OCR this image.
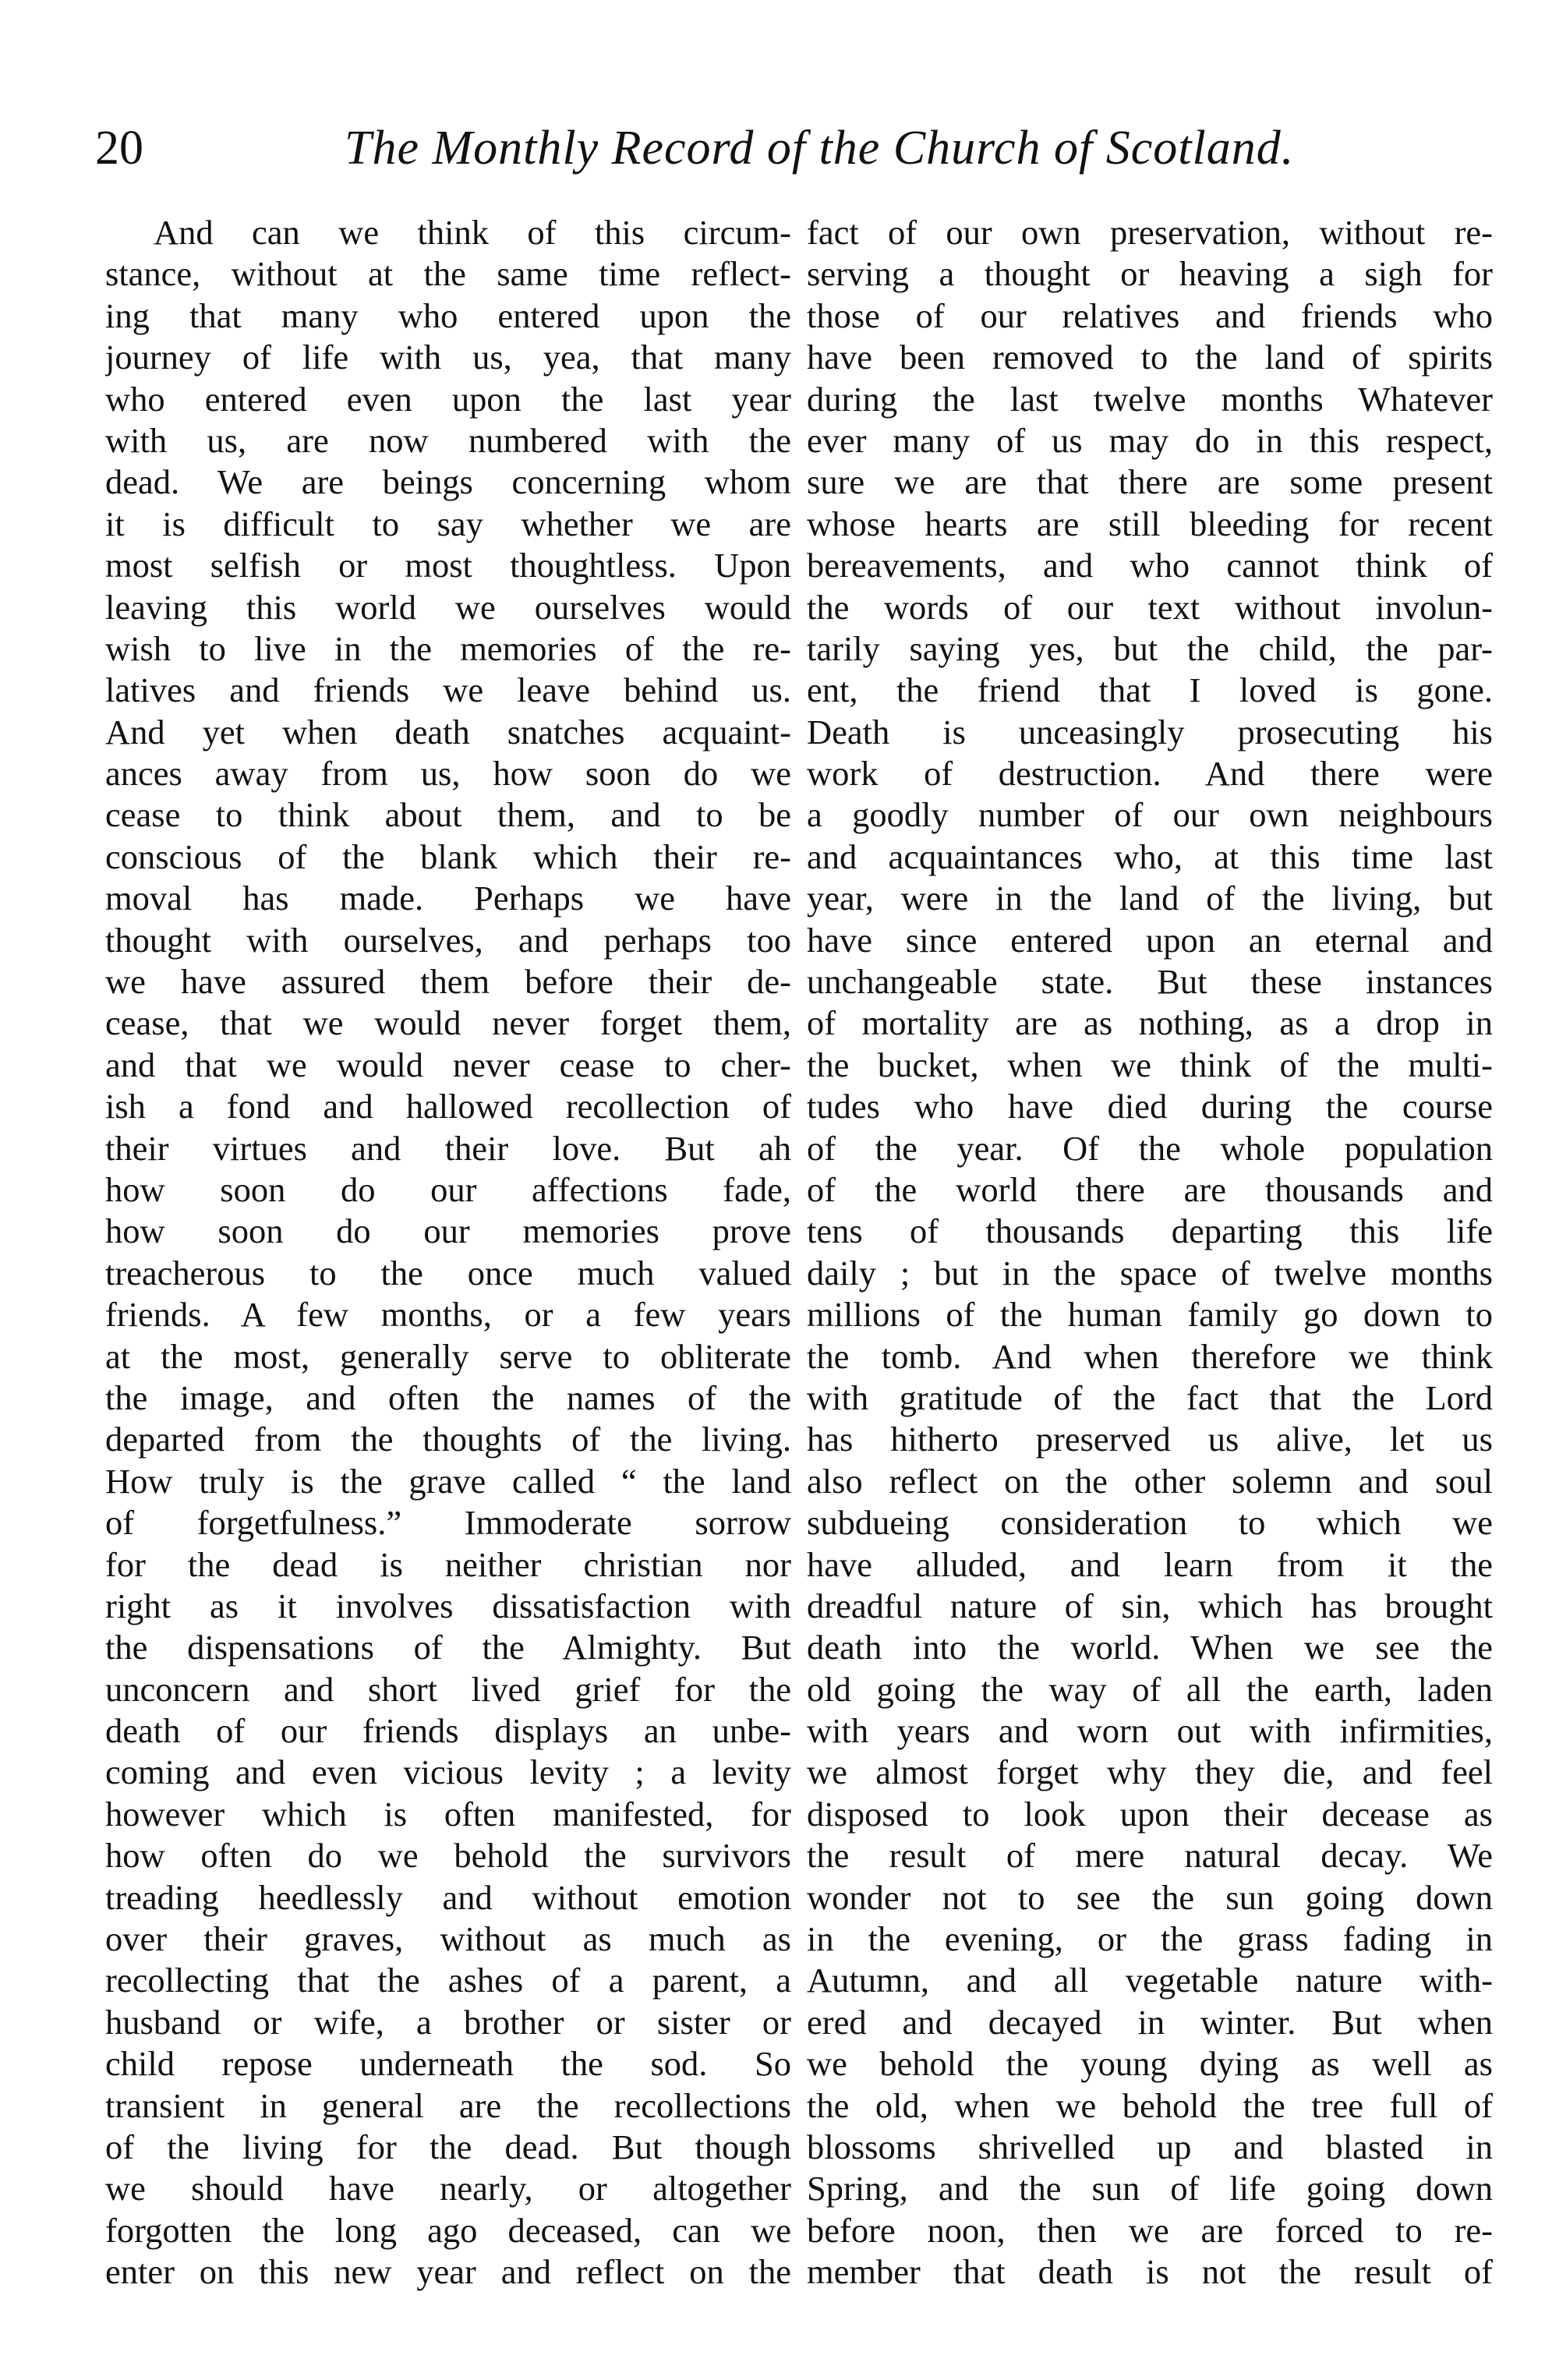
20	The Monthly Record of the Church of Scotland.
And can we think of this circum-
stance, without at the same time reflect-
ing that many who entered upon the
journey of life with us, yea, that many
who entered even upon the last year
with us, are now numbered with the
dead. We are beings concerning whom
it is difficult to say whether we are
most selfish or most thoughtless. Upon
leaving this world we ourselves would
wish to live in the memories of the re-
latives and friends we leave behind us.
And yet when death snatches acquaint-
ances away from us, how soon do we
cease to think about them, and to be
conscious of the blank which their re-
moval has made. Perhaps we have
thought with ourselves, and perhaps too
we have assured them before their de-
cease, that we would never forget them,
and that we would never cease to cher-
ish a fond and hallowed recollection of
their virtues and their love. But ah
how soon do our affections fade,
how soon do our memories prove
treacherous to the once much valued
friends. A few months, or a few years
at the most, generally serve to obliterate
the image, and often the names of the
departed from the thoughts of the living.
How truly is the grave called “ the land
of forgetfulness.” Immoderate sorrow
for the dead is neither christian nor
right as it involves dissatisfaction with
the dispensations of the Almighty. But
unconcern and short lived grief for the
death of our friends displays an unbe-
coming and even vicious levity ; a levity
however which is often manifested, for
how often do we behold the survivors
treading heedlessly and without emotion
over their graves, without as much as
recollecting that the ashes of a parent, a
husband or wife, a brother or sister or
child repose underneath the sod. So
transient in general are the recollections
of the living for the dead. But though
we should have nearly, or altogether
forgotten the long ago deceased, can we
enter on this new year and reflect on the
fact of our own preservation, without re-
serving a thought or heaving a sigh for
those of our relatives and friends who
have been removed to the land of spirits
during the last twelve months Whatever
ever many of us may do in this respect,
sure we are that there are some present
whose hearts are still bleeding for recent
bereavements, and who cannot think of
the words of our text without involun-
tarily saying yes, but the child, the par-
ent, the friend that I loved is gone.
Death is unceasingly prosecuting his
work of destruction. And there were
a goodly number of our own neighbours
and acquaintances who, at this time last
year, were in the land of the living, but
have since entered upon an eternal and
unchangeable state. But these instances
of mortality are as nothing, as a drop in
the bucket, when we think of the multi-
tudes who have died during the course
of the year. Of the whole population
of the world there are thousands and
tens of thousands departing this life
daily ; but in the space of twelve months
millions of the human family go down to
the tomb. And when therefore we think
with gratitude of the fact that the Lord
has hitherto preserved us alive, let us
also reflect on the other solemn and soul
subdueing consideration to which we
have alluded, and learn from it the
dreadful nature of sin, which has brought
death into the world. When we see the
old going the way of all the earth, laden
with years and worn out with infirmities,
we almost forget why they die, and feel
disposed to look upon their decease as
the result of mere natural decay. We
wonder not to see the sun going down
in the evening, or the grass fading in
Autumn, and all vegetable nature with-
ered and decayed in winter. But when
we behold the young dying as well as
the old, when we behold the tree full of
blossoms shrivelled up and blasted in
Spring, and the sun of life going down
before noon, then we are forced to re-
member that death is not the result of
